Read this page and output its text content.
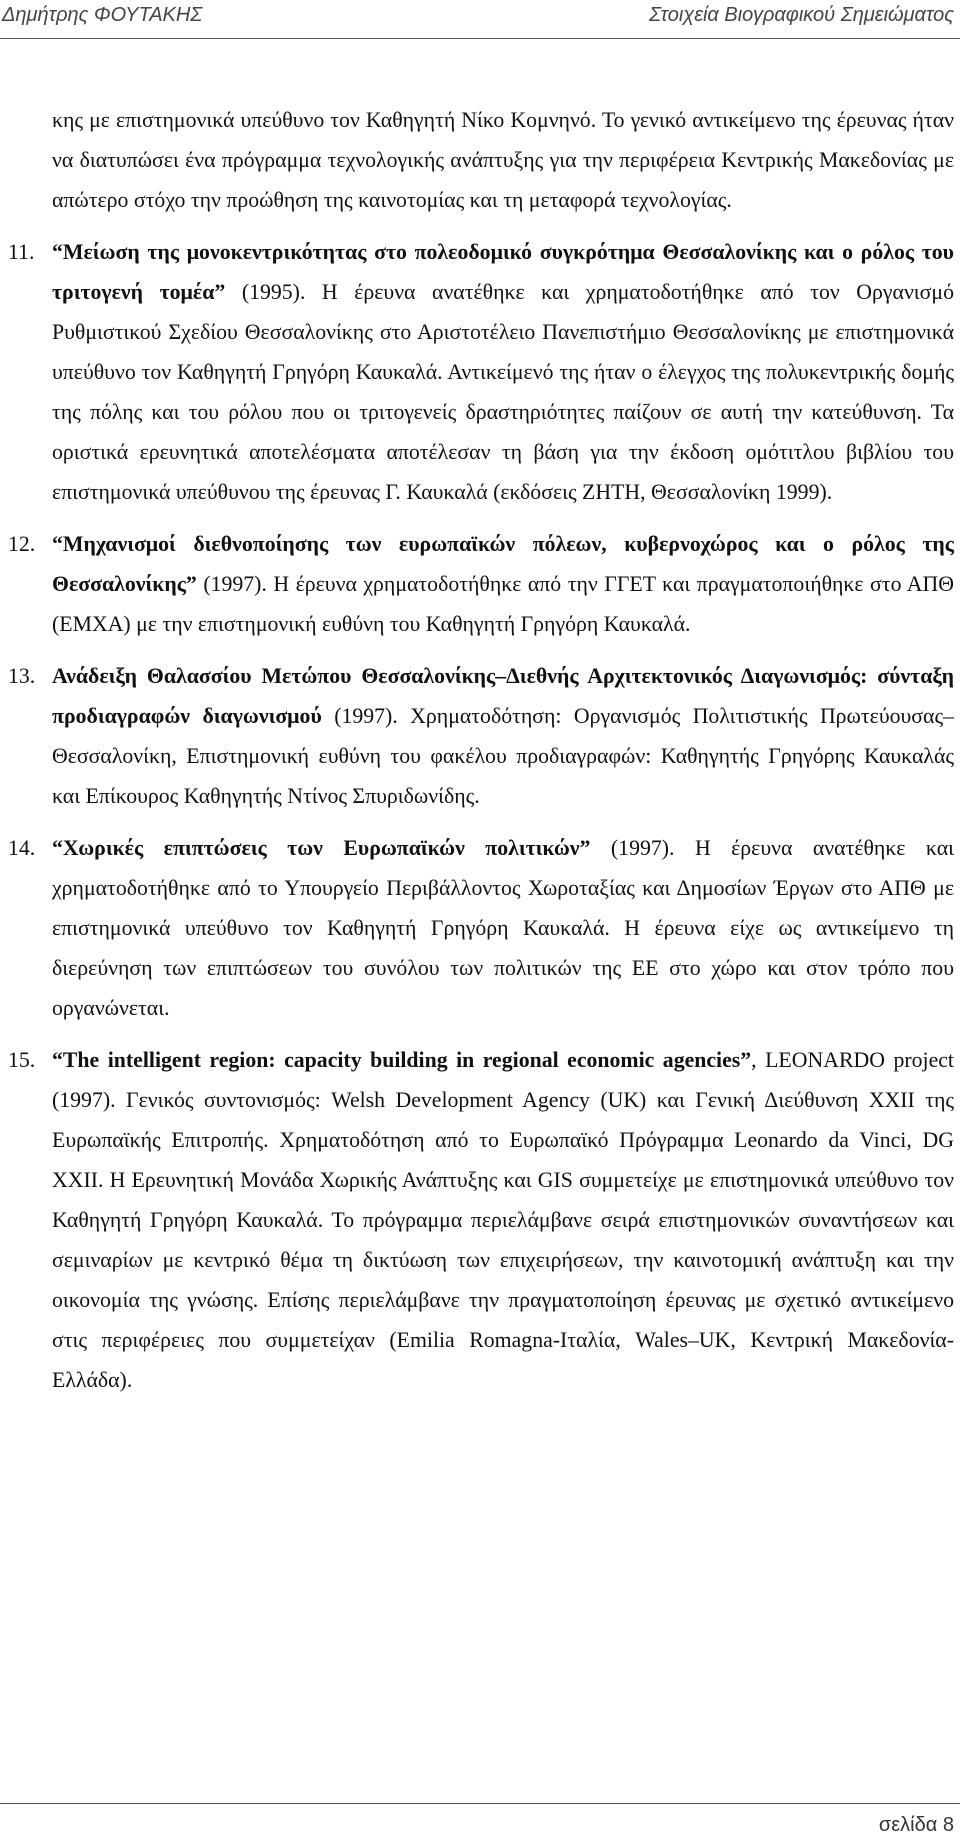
Δημήτρης ΦΟΥΤΑΚΗΣ	Στοιχεία Βιογραφικού Σημειώματος

κης με επιστημονικά υπεύθυνο τον Καθηγητή Νίκο Κομνηνό. Το γενικό αντικείμενο της έρευνας ήταν να διατυπώσει ένα πρόγραμμα τεχνολογικής ανάπτυξης για την περιφέρεια Κεντρικής Μακεδονίας με απώτερο στόχο την προώθηση της καινοτομίας και τη μεταφορά τεχνολογίας.

11. “Μείωση της μονοκεντρικότητας στο πολεοδομικό συγκρότημα Θεσσαλονίκης και ο ρόλος του τριτογενή τομέα” (1995). Η έρευνα ανατέθηκε και χρηματοδοτήθηκε από τον Οργανισμό Ρυθμιστικού Σχεδίου Θεσσαλονίκης στο Αριστοτέλειο Πανεπιστήμιο Θεσσαλονίκης με επιστημονικά υπεύθυνο τον Καθηγητή Γρηγόρη Καυκαλά. Αντικείμενό της ήταν ο έλεγχος της πολυκεντρικής δομής της πόλης και του ρόλου που οι τριτογενείς δραστηριότητες παίζουν σε αυτή την κατεύθυνση. Τα οριστικά ερευνητικά αποτελέσματα αποτέλεσαν τη βάση για την έκδοση ομότιτλου βιβλίου του επιστημονικά υπεύθυνου της έρευνας Γ. Καυκαλά (εκδόσεις ΖΗΤΗ, Θεσσαλονίκη 1999).
12. “Μηχανισμοί διεθνοποίησης των ευρωπαϊκών πόλεων, κυβερνοχώρος και ο ρόλος της Θεσσαλονίκης” (1997). Η έρευνα χρηματοδοτήθηκε από την ΓΓΕΤ και πραγματοποιήθηκε στο ΑΠΘ (ΕΜΧΑ) με την επιστημονική ευθύνη του Καθηγητή Γρηγόρη Καυκαλά.
13. Ανάδειξη Θαλασσίου Μετώπου Θεσσαλονίκης–Διεθνής Αρχιτεκτονικός Διαγωνισμός: σύνταξη προδιαγραφών διαγωνισμού (1997). Χρηματοδότηση: Οργανισμός Πολιτιστικής Πρωτεύουσας–Θεσσαλονίκη, Επιστημονική ευθύνη του φακέλου προδιαγραφών: Καθηγητής Γρηγόρης Καυκαλάς και Επίκουρος Καθηγητής Ντίνος Σπυριδωνίδης.
14. “Χωρικές επιπτώσεις των Ευρωπαϊκών πολιτικών” (1997). Η έρευνα ανατέθηκε και χρηματοδοτήθηκε από το Υπουργείο Περιβάλλοντος Χωροταξίας και Δημοσίων Έργων στο ΑΠΘ με επιστημονικά υπεύθυνο τον Καθηγητή Γρηγόρη Καυκαλά. Η έρευνα είχε ως αντικείμενο τη διερεύνηση των επιπτώσεων του συνόλου των πολιτικών της ΕΕ στο χώρο και στον τρόπο που οργανώνεται.
15. “The intelligent region: capacity building in regional economic agencies”, LEONARDO project (1997). Γενικός συντονισμός: Welsh Development Agency (UK) και Γενική Διεύθυνση XXII της Ευρωπαϊκής Επιτροπής. Χρηματοδότηση από το Ευρωπαϊκό Πρόγραμμα Leonardo da Vinci, DG XXII. Η Ερευνητική Μονάδα Χωρικής Ανάπτυξης και GIS συμμετείχε με επιστημονικά υπεύθυνο τον Καθηγητή Γρηγόρη Καυκαλά. Το πρόγραμμα περιελάμβανε σειρά επιστημονικών συναντήσεων και σεμιναρίων με κεντρικό θέμα τη δικτύωση των επιχειρήσεων, την καινοτομική ανάπτυξη και την οικονομία της γνώσης. Επίσης περιελάμβανε την πραγματοποίηση έρευνας με σχετικό αντικείμενο στις περιφέρειες που συμμετείχαν (Emilia Romagna-Ιταλία, Wales–UK, Κεντρική Μακεδονία-Ελλάδα).
σελίδα 8
